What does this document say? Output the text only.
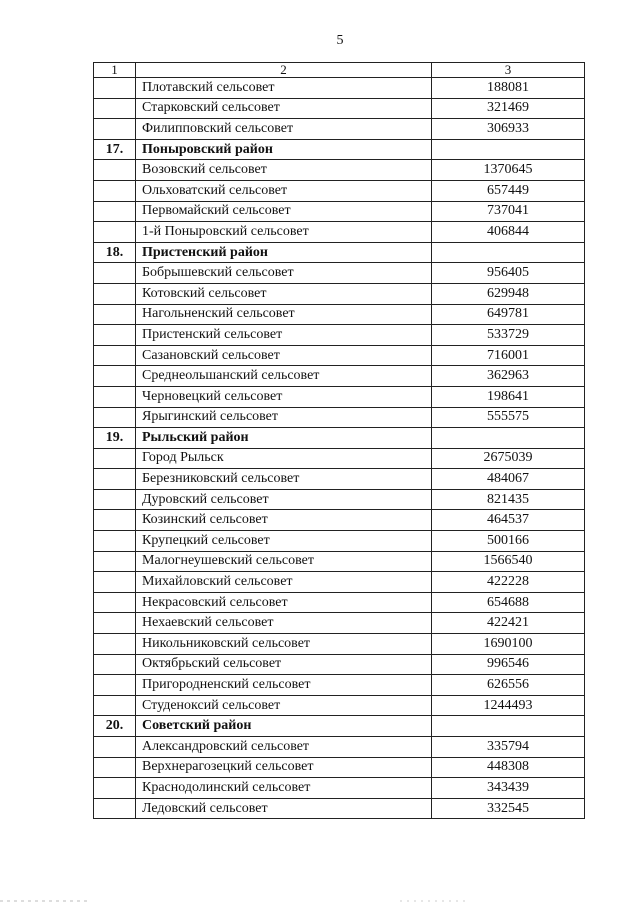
5
1	2	3
	Плотавский сельсовет	188081
	Старковский сельсовет	321469
	Филипповский сельсовет	306933
17.	Поныровский район	
	Возовский сельсовет	1370645
	Ольховатский сельсовет	657449
	Первомайский сельсовет	737041
	1-й Поныровский сельсовет	406844
18.	Пристенский район	
	Бобрышевский сельсовет	956405
	Котовский сельсовет	629948
	Нагольненский сельсовет	649781
	Пристенский сельсовет	533729
	Сазановский сельсовет	716001
	Среднеольшанский сельсовет	362963
	Черновецкий сельсовет	198641
	Ярыгинский сельсовет	555575
19.	Рыльский район	
	Город Рыльск	2675039
	Березниковский сельсовет	484067
	Дуровский сельсовет	821435
	Козинский сельсовет	464537
	Крупецкий сельсовет	500166
	Малогнеушевский сельсовет	1566540
	Михайловский сельсовет	422228
	Некрасовский сельсовет	654688
	Нехаевский сельсовет	422421
	Никольниковский сельсовет	1690100
	Октябрьский сельсовет	996546
	Пригородненский сельсовет	626556
	Студеноксий сельсовет	1244493
20.	Советский район	
	Александровский сельсовет	335794
	Верхнерагозецкий сельсовет	448308
	Краснодолинский сельсовет	343439
	Ледовский сельсовет	332545
